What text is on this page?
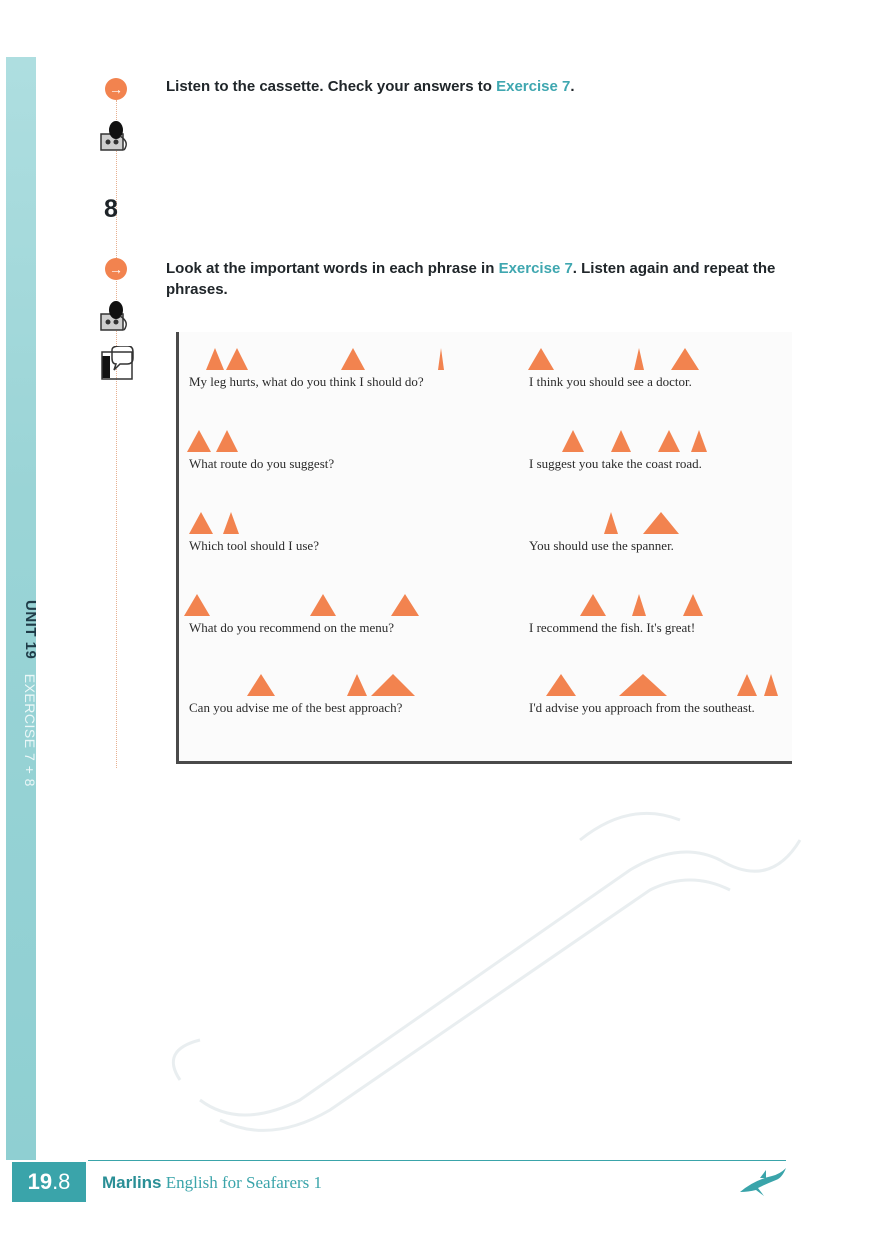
UNIT 19 EXERCISE 7 + 8
→
8
→
Listen to the cassette. Check your answers to Exercise 7.
Look at the important words in each phrase in Exercise 7. Listen again and repeat the phrases.
My leg hurts, what do you think I should do?	I think you should see a doctor.
What route do you suggest?	I suggest you take the coast road.
Which tool should I use?	You should use the spanner.
What do you recommend on the menu?	I recommend the fish. It's great!
Can you advise me of the best approach?	I'd advise you approach from the southeast.
19.8	Marlins English for Seafarers 1
